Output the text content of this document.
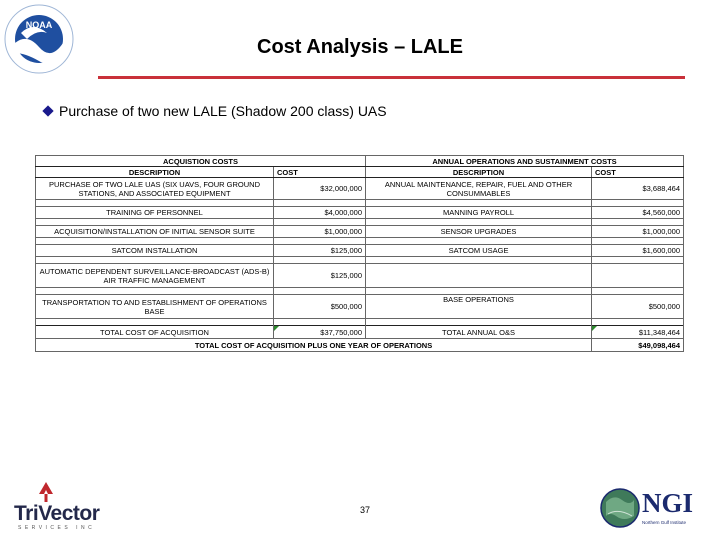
NOAA
Cost Analysis – LALE
Purchase of two new LALE (Shadow 200 class) UAS
ACQUISTION COSTS		ANNUAL OPERATIONS AND SUSTAINMENT COSTS	
DESCRIPTION	COST	DESCRIPTION	COST
PURCHASE OF TWO LALE UAS (SIX UAVS, FOUR GROUND STATIONS, AND ASSOCIATED EQUIPMENT	$32,000,000	ANNUAL MAINTENANCE, REPAIR, FUEL AND OTHER CONSUMMABLES	$3,688,464

TRAINING OF PERSONNEL	$4,000,000	MANNING PAYROLL	$4,560,000

ACQUISITION/INSTALLATION OF INITIAL SENSOR SUITE	$1,000,000	SENSOR UPGRADES	$1,000,000

SATCOM INSTALLATION	$125,000	SATCOM USAGE	$1,600,000

AUTOMATIC DEPENDENT SURVEILLANCE-BROADCAST (ADS-B) AIR TRAFFIC MANAGEMENT	$125,000		

TRANSPORTATION TO AND ESTABLISHMENT OF OPERATIONS BASE	$500,000	BASE OPERATIONS	$500,000

TOTAL COST OF ACQUISITION	$37,750,000	TOTAL ANNUAL O&S	$11,348,464
TOTAL COST OF ACQUISITION PLUS ONE YEAR OF OPERATIONS			$49,098,464
TriVector
SERVICES INC
37	NGI
Northern Gulf Institute
